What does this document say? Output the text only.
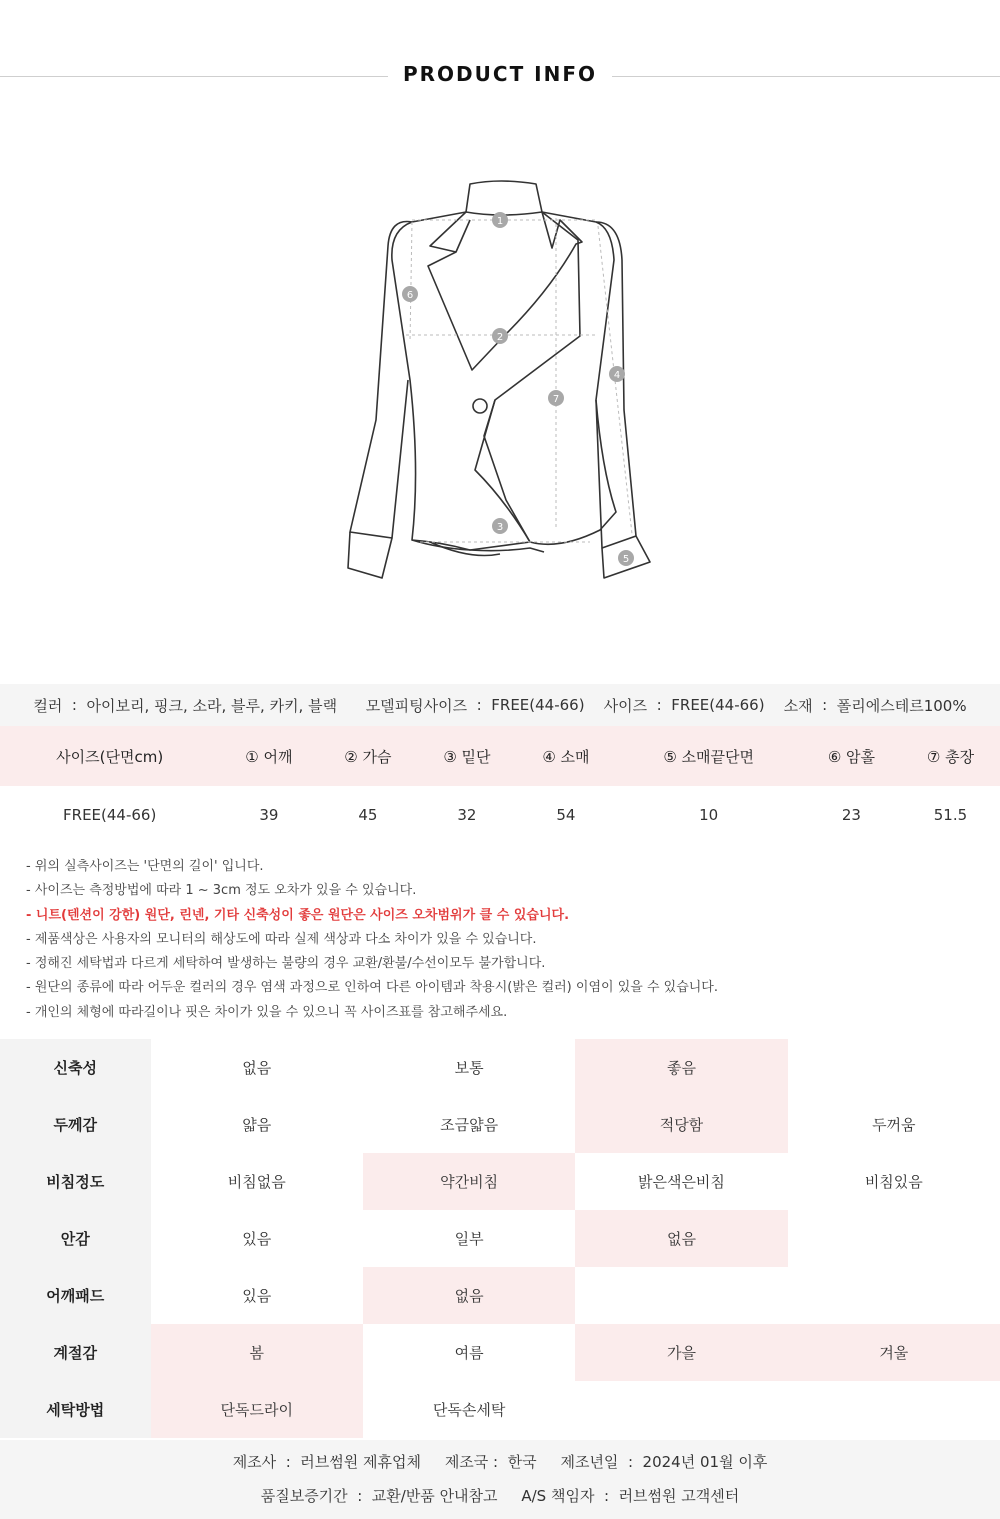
PRODUCT INFO
1
2
3
4
5
6
7
컬러 : 아이보리, 핑크, 소라, 블루, 카키, 블랙
모델피팅사이즈 : FREE(44-66)
사이즈 : FREE(44-66)
소재 : 폴리에스테르100%
사이즈(단면cm)	① 어깨	② 가슴	③ 밑단	④ 소매	⑤ 소매끝단면	⑥ 암홀	⑦ 총장
FREE(44-66)	39	45	32	54	10	23	51.5
- 위의 실측사이즈는 '단면의 길이' 입니다.
- 사이즈는 측정방법에 따라 1 ~ 3cm 정도 오차가 있을 수 있습니다.
- 니트(텐션이 강한) 원단, 린넨, 기타 신축성이 좋은 원단은 사이즈 오차범위가 클 수 있습니다.
- 제품색상은 사용자의 모니터의 해상도에 따라 실제 색상과 다소 차이가 있을 수 있습니다.
- 정해진 세탁법과 다르게 세탁하여 발생하는 불량의 경우 교환/환불/수선이모두 불가합니다.
- 원단의 종류에 따라 어두운 컬러의 경우 염색 과정으로 인하여 다른 아이템과 착용시(밝은 컬러) 이염이 있을 수 있습니다.
- 개인의 체형에 따라길이나 핏은 차이가 있을 수 있으니 꼭 사이즈표를 참고해주세요.
신축성	없음	보통	좋음
두께감	얇음	조금얇음	적당함	두꺼움
비침정도	비침없음	약간비침	밝은색은비침	비침있음
안감	있음	일부	없음
어깨패드	있음	없음
계절감	봄	여름	가을	겨울
세탁방법	단독드라이	단독손세탁
제조사  :  러브썸원 제휴업체     제조국 :  한국     제조년일  :  2024년 01월 이후
품질보증기간  :  교환/반품 안내참고     A/S 책임자  :  러브썸원 고객센터
